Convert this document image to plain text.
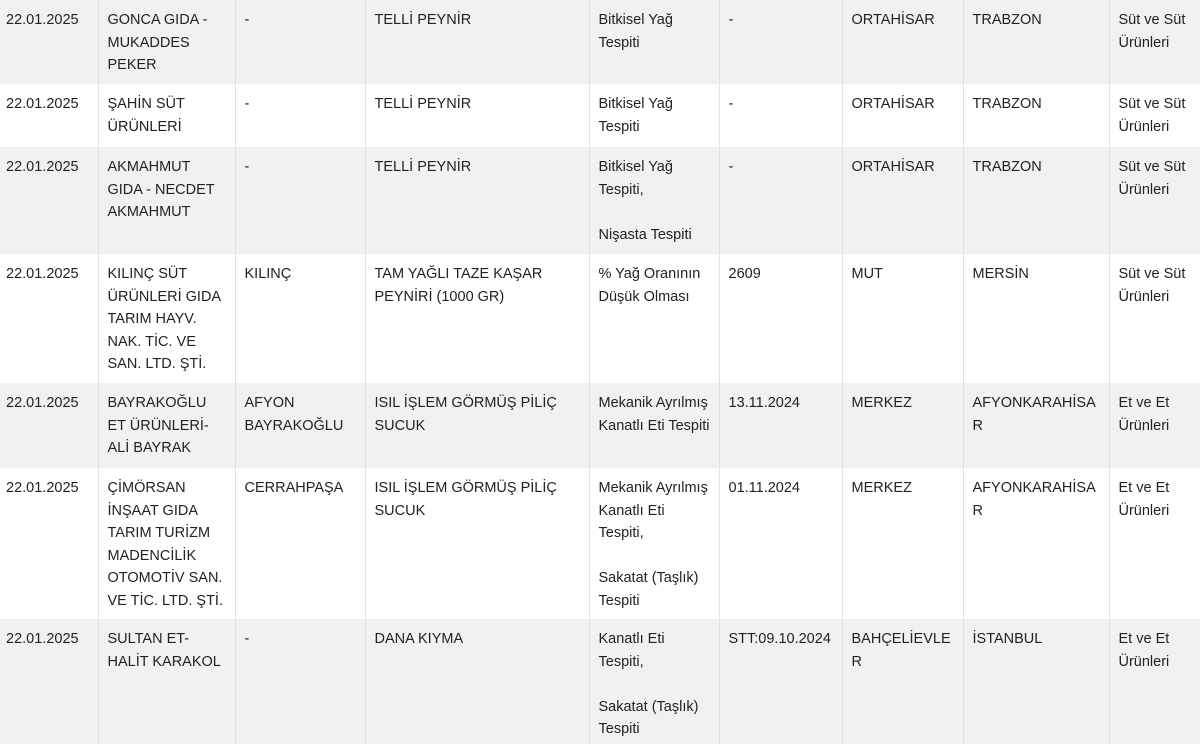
22.01.2025	GONCA GIDA - MUKADDES PEKER	-	TELLİ PEYNİR	Bitkisel Yağ Tespiti	-	ORTAHİSAR	TRABZON	Süt ve Süt Ürünleri
22.01.2025	ŞAHİN SÜT ÜRÜNLERİ	-	TELLİ PEYNİR	Bitkisel Yağ Tespiti	-	ORTAHİSAR	TRABZON	Süt ve Süt Ürünleri
22.01.2025	AKMAHMUT GIDA - NECDET AKMAHMUT	-	TELLİ PEYNİR	Bitkisel Yağ Tespiti,
Nişasta Tespiti	-	ORTAHİSAR	TRABZON	Süt ve Süt Ürünleri
22.01.2025	KILINÇ SÜT ÜRÜNLERİ GIDA TARIM HAYV. NAK. TİC. VE SAN. LTD. ŞTİ.	KILINÇ	TAM YAĞLI TAZE KAŞAR PEYNİRİ (1000 GR)	% Yağ Oranının Düşük Olması	2609	MUT	MERSİN	Süt ve Süt Ürünleri
22.01.2025	BAYRAKOĞLU ET ÜRÜNLERİ-ALİ BAYRAK	AFYON BAYRAKOĞLU	ISIL İŞLEM GÖRMÜŞ PİLİÇ SUCUK	Mekanik Ayrılmış Kanatlı Eti Tespiti	13.11.2024	MERKEZ	AFYONKARAHİSAR	Et ve Et Ürünleri
22.01.2025	ÇİMÖRSAN İNŞAAT GIDA TARIM TURİZM MADENCİLİK OTOMOTİV SAN. VE TİC. LTD. ŞTİ.	CERRAHPAŞA	ISIL İŞLEM GÖRMÜŞ PİLİÇ SUCUK	Mekanik Ayrılmış Kanatlı Eti Tespiti,
Sakatat (Taşlık) Tespiti	01.11.2024	MERKEZ	AFYONKARAHİSAR	Et ve Et Ürünleri
22.01.2025	SULTAN ET-HALİT KARAKOL	-	DANA KIYMA	Kanatlı Eti Tespiti,
Sakatat (Taşlık) Tespiti	STT:09.10.2024	BAHÇELİEVLER	İSTANBUL	Et ve Et Ürünleri
